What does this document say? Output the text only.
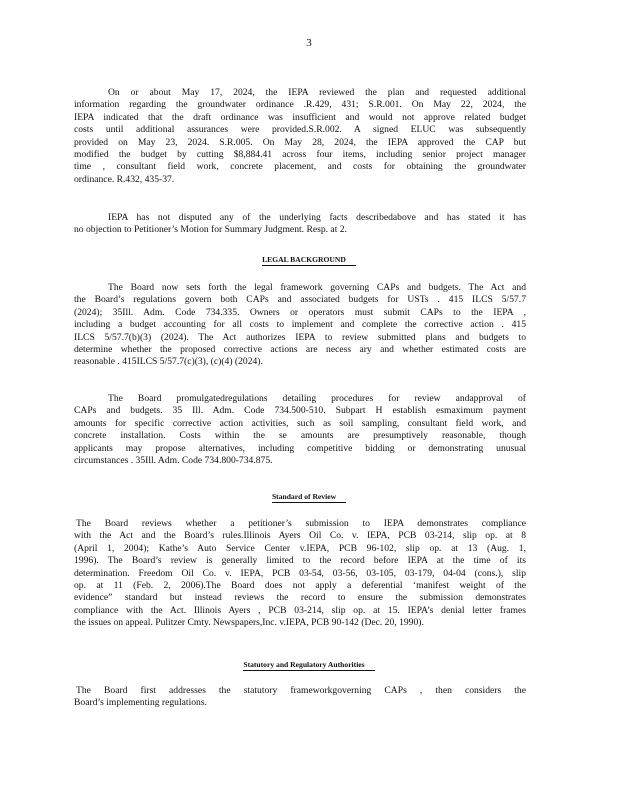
3

On or about May 17, 2024, the IEPA reviewed the plan and requested additional
information regarding the groundwater ordinance .R.429, 431; S.R.001. On May 22, 2024, the
IEPA indicated that the draft ordinance was insufficient and would not approve related budget
costs until additional assurances were provided.S.R.002. A signed ELUC was subsequently
provided on May 23, 2024. S.R.005. On May 28, 2024, the IEPA approved the CAP but
modified the budget by cutting $8,884.41 across four items, including senior project manager
time , consultant field work, concrete placement, and costs for obtaining the groundwater
ordinance. R.432, 435-37.

IEPA has not disputed any of the underlying facts describedabove and has stated it has
no objection to Petitioner’s Motion for Summary Judgment. Resp. at 2.

LEGAL BACKGROUND

The Board now sets forth the legal framework governing CAPs and budgets. The Act and
the Board’s regulations govern both CAPs and associated budgets for USTs . 415 ILCS 5/57.7
(2024); 35Ill. Adm. Code 734.335. Owners or operators must submit CAPs to the IEPA ,
including a budget accounting for all costs to implement and complete the corrective action . 415
ILCS 5/57.7(b)(3) (2024). The Act authorizes IEPA to review submitted plans and budgets to
determine whether the proposed corrective actions are necess ary and whether estimated costs are
reasonable . 415ILCS 5/57.7(c)(3), (c)(4) (2024).

The Board promulgatedregulations detailing procedures for review andapproval of
CAPs and budgets. 35 Ill. Adm. Code 734.500-510. Subpart H establish esmaximum payment
amounts for specific corrective action activities, such as soil sampling, consultant field work, and
concrete installation. Costs within the se amounts are presumptively reasonable, though
applicants may propose alternatives, including competitive bidding or demonstrating unusual
circumstances . 35Ill. Adm. Code 734.800-734.875.

Standard of Review

The Board reviews whether a petitioner’s submission to IEPA demonstrates compliance
with the Act and the Board’s rules.Illinois Ayers Oil Co. v. IEPA, PCB 03-214, slip op. at 8
(April 1, 2004); Kathe’s Auto Service Center v.IEPA, PCB 96-102, slip op. at 13 (Aug. 1,
1996). The Board’s review is generally limited to the record before IEPA at the time of its
determination. Freedom Oil Co. v. IEPA, PCB 03-54, 03-56, 03-105, 03-179, 04-04 (cons.), slip
op. at 11 (Feb. 2, 2006).The Board does not apply a deferential ‘manifest weight of the
evidence” standard but instead reviews the record to ensure the submission demonstrates
compliance with the Act. Illinois Ayers , PCB 03-214, slip op. at 15. IEPA’s denial letter frames
the issues on appeal. Pulitzer Cmty. Newspapers,Inc. v.IEPA, PCB 90-142 (Dec. 20, 1990).

Statutory and Regulatory Authorities

The Board first addresses the statutory frameworkgoverning CAPs , then considers the
Board’s implementing regulations.
